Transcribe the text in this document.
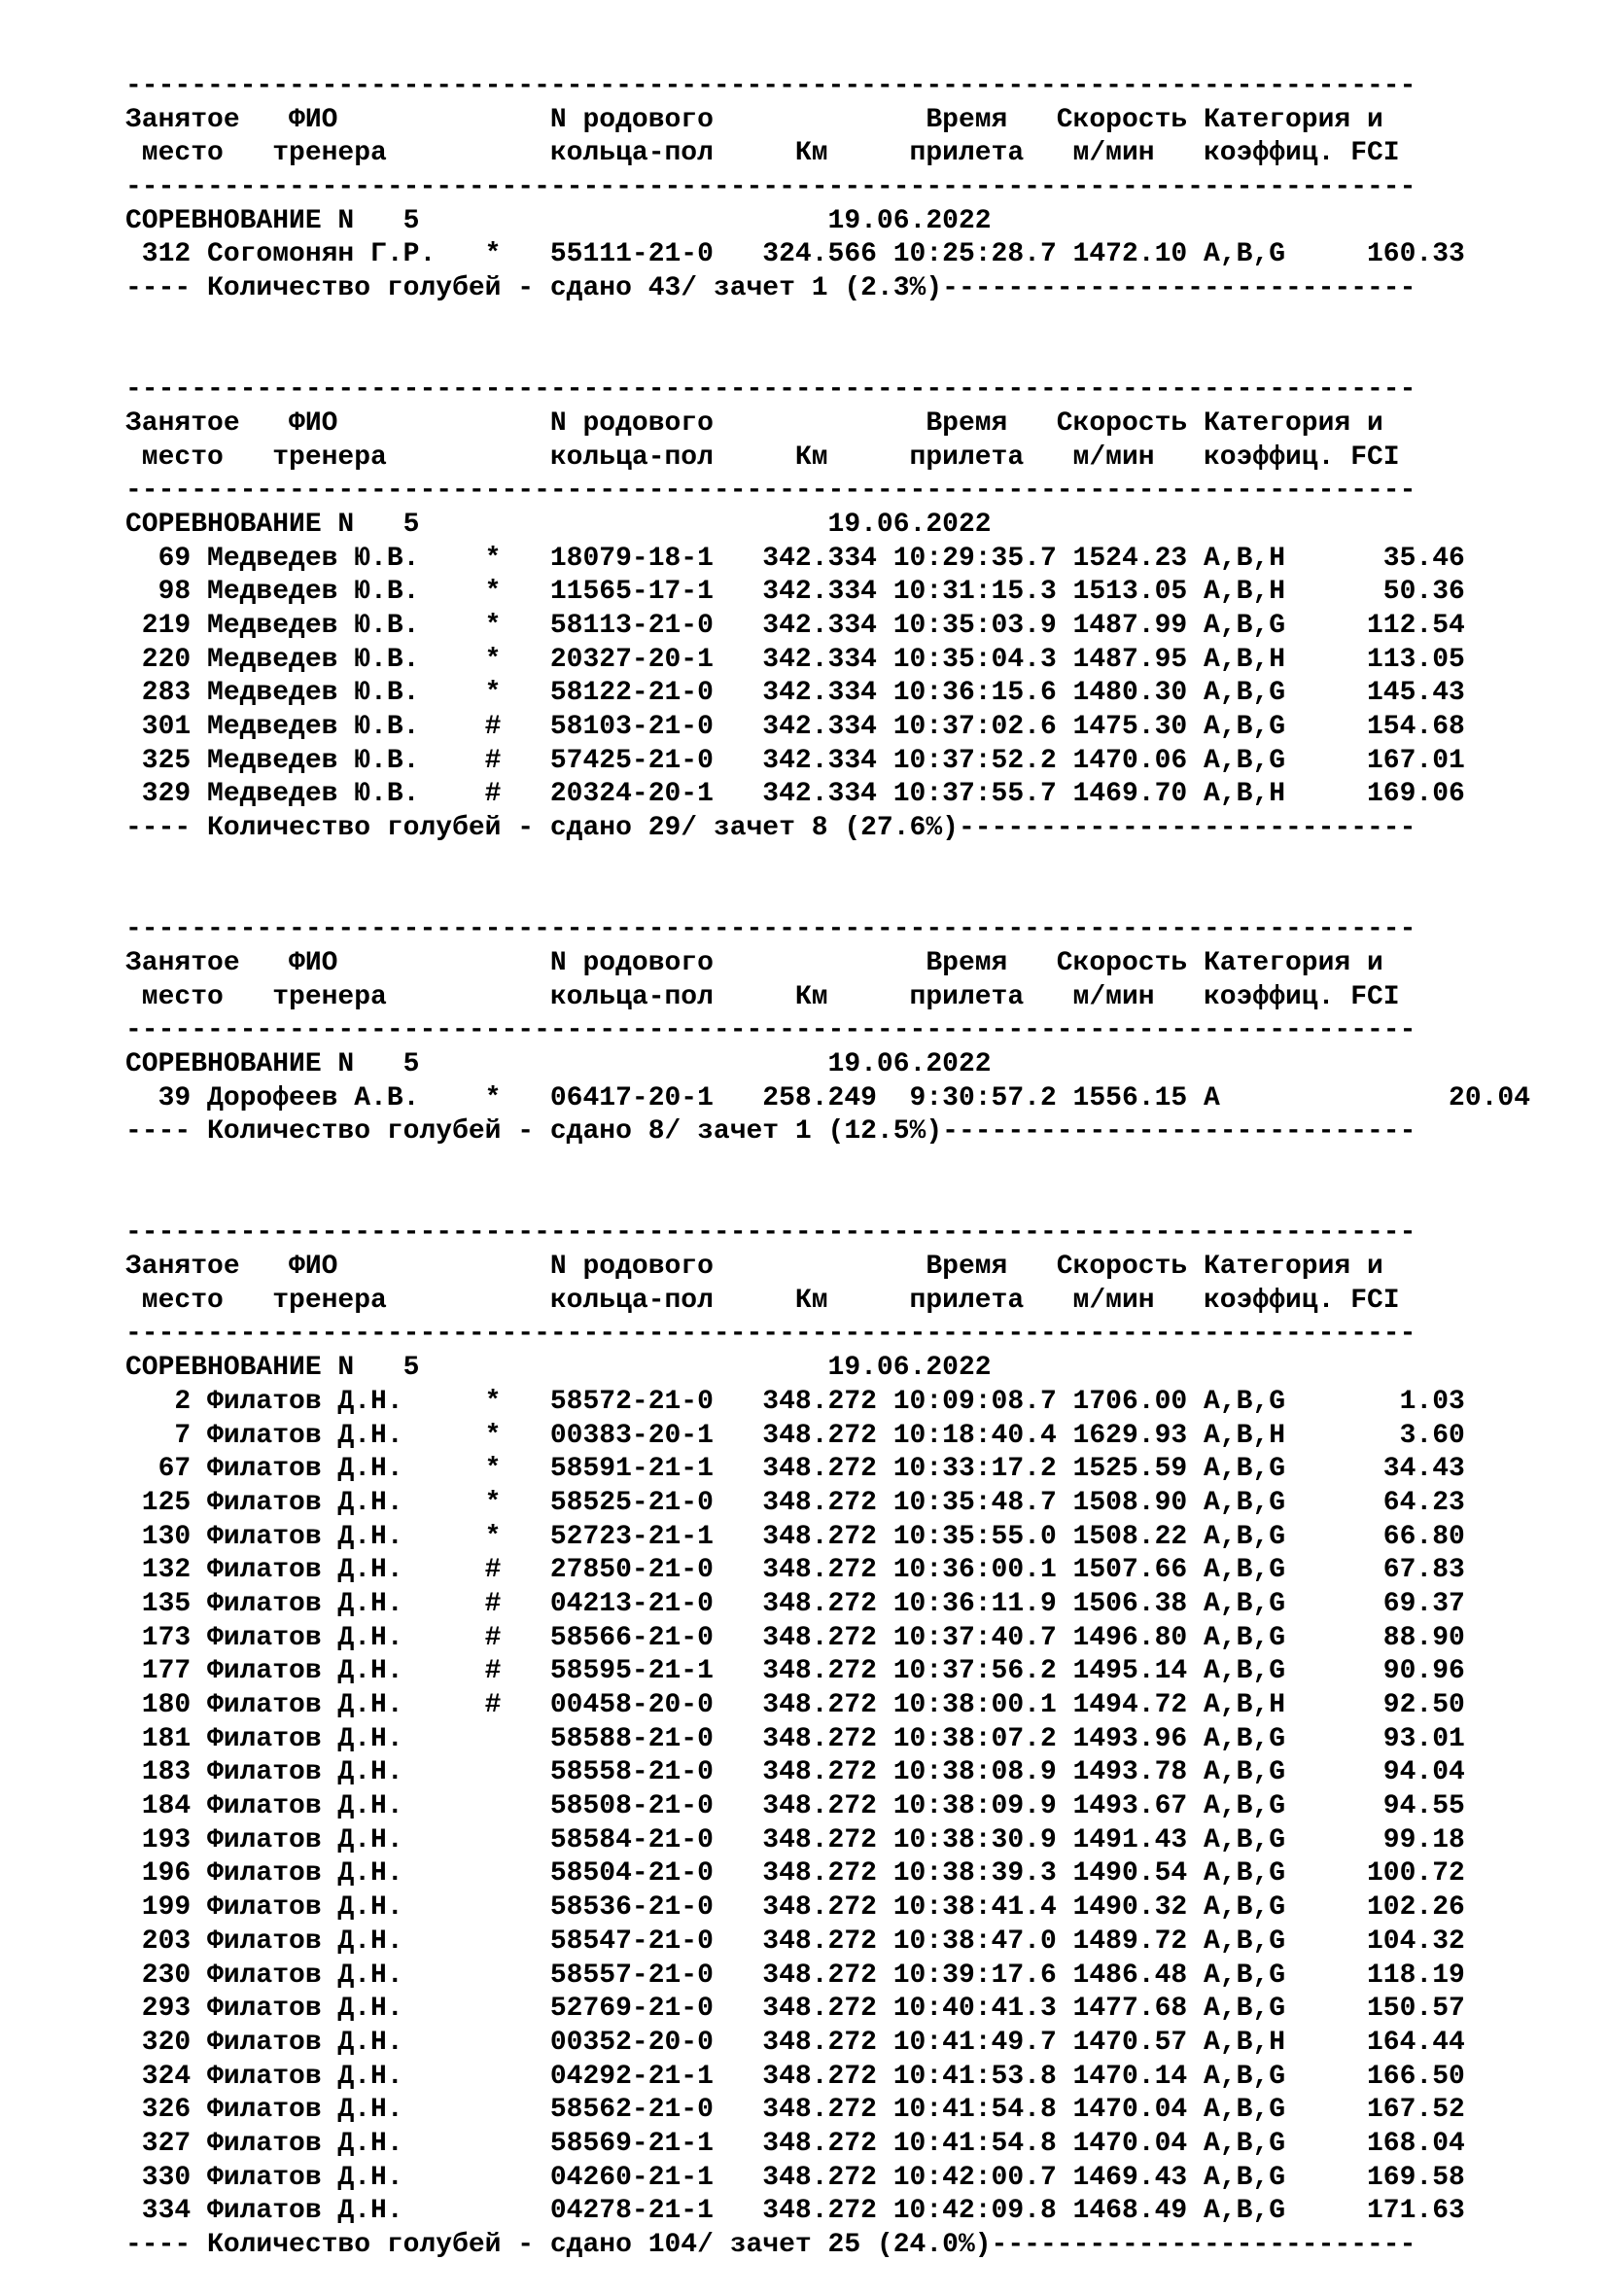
-------------------------------------------------------------------------------
Занятое   ФИО             N родового             Время   Скорость Категория и
место   тренера          кольца-пол     Км     прилета   м/мин   коэффиц. FCI
-------------------------------------------------------------------------------
СОРЕВНОВАНИЕ N   5                         19.06.2022
312 Согомонян Г.Р.   *   55111-21-0   324.566 10:25:28.7 1472.10 A,B,G     160.33
---- Количество голубей - сдано 43/ зачет 1 (2.3%)-----------------------------
-------------------------------------------------------------------------------
Занятое   ФИО             N родового             Время   Скорость Категория и
место   тренера          кольца-пол     Км     прилета   м/мин   коэффиц. FCI
-------------------------------------------------------------------------------
СОРЕВНОВАНИЕ N   5                         19.06.2022
69 Медведев Ю.В.    *   18079-18-1   342.334 10:29:35.7 1524.23 A,B,H      35.46
98 Медведев Ю.В.    *   11565-17-1   342.334 10:31:15.3 1513.05 A,B,H      50.36
219 Медведев Ю.В.    *   58113-21-0   342.334 10:35:03.9 1487.99 A,B,G     112.54
220 Медведев Ю.В.    *   20327-20-1   342.334 10:35:04.3 1487.95 A,B,H     113.05
283 Медведев Ю.В.    *   58122-21-0   342.334 10:36:15.6 1480.30 A,B,G     145.43
301 Медведев Ю.В.    #   58103-21-0   342.334 10:37:02.6 1475.30 A,B,G     154.68
325 Медведев Ю.В.    #   57425-21-0   342.334 10:37:52.2 1470.06 A,B,G     167.01
329 Медведев Ю.В.    #   20324-20-1   342.334 10:37:55.7 1469.70 A,B,H     169.06
---- Количество голубей - сдано 29/ зачет 8 (27.6%)----------------------------
-------------------------------------------------------------------------------
Занятое   ФИО             N родового             Время   Скорость Категория и
место   тренера          кольца-пол     Км     прилета   м/мин   коэффиц. FCI
-------------------------------------------------------------------------------
СОРЕВНОВАНИЕ N   5                         19.06.2022
39 Дорофеев А.В.    *   06417-20-1   258.249  9:30:57.2 1556.15 A              20.04
---- Количество голубей - сдано 8/ зачет 1 (12.5%)-----------------------------
-------------------------------------------------------------------------------
Занятое   ФИО             N родового             Время   Скорость Категория и
место   тренера          кольца-пол     Км     прилета   м/мин   коэффиц. FCI
-------------------------------------------------------------------------------
СОРЕВНОВАНИЕ N   5                         19.06.2022
2 Филатов Д.Н.     *   58572-21-0   348.272 10:09:08.7 1706.00 A,B,G       1.03
7 Филатов Д.Н.     *   00383-20-1   348.272 10:18:40.4 1629.93 A,B,H       3.60
67 Филатов Д.Н.     *   58591-21-1   348.272 10:33:17.2 1525.59 A,B,G      34.43
125 Филатов Д.Н.     *   58525-21-0   348.272 10:35:48.7 1508.90 A,B,G      64.23
130 Филатов Д.Н.     *   52723-21-1   348.272 10:35:55.0 1508.22 A,B,G      66.80
132 Филатов Д.Н.     #   27850-21-0   348.272 10:36:00.1 1507.66 A,B,G      67.83
135 Филатов Д.Н.     #   04213-21-0   348.272 10:36:11.9 1506.38 A,B,G      69.37
173 Филатов Д.Н.     #   58566-21-0   348.272 10:37:40.7 1496.80 A,B,G      88.90
177 Филатов Д.Н.     #   58595-21-1   348.272 10:37:56.2 1495.14 A,B,G      90.96
180 Филатов Д.Н.     #   00458-20-0   348.272 10:38:00.1 1494.72 A,B,H      92.50
181 Филатов Д.Н.         58588-21-0   348.272 10:38:07.2 1493.96 A,B,G      93.01
183 Филатов Д.Н.         58558-21-0   348.272 10:38:08.9 1493.78 A,B,G      94.04
184 Филатов Д.Н.         58508-21-0   348.272 10:38:09.9 1493.67 A,B,G      94.55
193 Филатов Д.Н.         58584-21-0   348.272 10:38:30.9 1491.43 A,B,G      99.18
196 Филатов Д.Н.         58504-21-0   348.272 10:38:39.3 1490.54 A,B,G     100.72
199 Филатов Д.Н.         58536-21-0   348.272 10:38:41.4 1490.32 A,B,G     102.26
203 Филатов Д.Н.         58547-21-0   348.272 10:38:47.0 1489.72 A,B,G     104.32
230 Филатов Д.Н.         58557-21-0   348.272 10:39:17.6 1486.48 A,B,G     118.19
293 Филатов Д.Н.         52769-21-0   348.272 10:40:41.3 1477.68 A,B,G     150.57
320 Филатов Д.Н.         00352-20-0   348.272 10:41:49.7 1470.57 A,B,H     164.44
324 Филатов Д.Н.         04292-21-1   348.272 10:41:53.8 1470.14 A,B,G     166.50
326 Филатов Д.Н.         58562-21-0   348.272 10:41:54.8 1470.04 A,B,G     167.52
327 Филатов Д.Н.         58569-21-1   348.272 10:41:54.8 1470.04 A,B,G     168.04
330 Филатов Д.Н.         04260-21-1   348.272 10:42:00.7 1469.43 A,B,G     169.58
334 Филатов Д.Н.         04278-21-1   348.272 10:42:09.8 1468.49 A,B,G     171.63
---- Количество голубей - сдано 104/ зачет 25 (24.0%)--------------------------
